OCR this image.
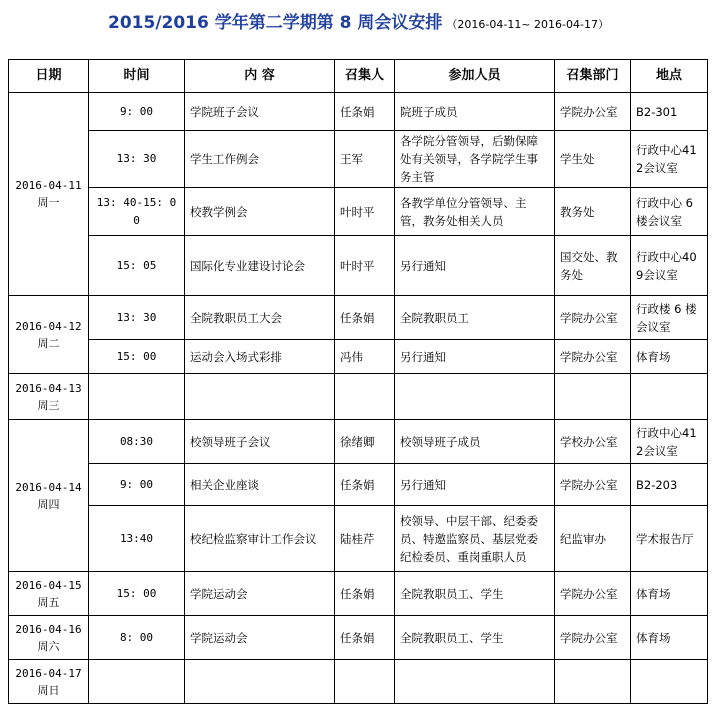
2015/2016 学年第二学期第 8 周会议安排 （2016-04-11~ 2016-04-17）
日期	时间	内 容	召集人	参加人员	召集部门	地点

2016-04-11
周一	9: 00	学院班子会议	任条娟	院班子成员	学院办公室	B2-301
	13: 30	学生工作例会	王军	各学院分管领导，后勤保障处有关领导，各学院学生事务主管	学生处	行政中心412会议室
	13: 40-15: 00	校教学例会	叶时平	各教学单位分管领导、主管，教务处相关人员	教务处	行政中心 6楼会议室
	15: 05	国际化专业建设讨论会	叶时平	另行通知	国交处、教务处	行政中心409会议室

2016-04-12
周二	13: 30	全院教职员工大会	任条娟	全院教职员工	学院办公室	行政楼 6 楼会议室
	15: 00	运动会入场式彩排	冯伟	另行通知	学院办公室	体育场

2016-04-13
周三						

2016-04-14
周四	08:30	校领导班子会议	徐绪卿	校领导班子成员	学校办公室	行政中心412会议室
	9: 00	相关企业座谈	任条娟	另行通知	学院办公室	B2-203
	13:40	校纪检监察审计工作会议	陆桂芹	校领导、中层干部、纪委委员、特邀监察员、基层党委纪检委员、重岗重职人员	纪监审办	学术报告厅

2016-04-15
周五	15: 00	学院运动会	任条娟	全院教职员工、学生	学院办公室	体育场

2016-04-16
周六	8: 00	学院运动会	任条娟	全院教职员工、学生	学院办公室	体育场

2016-04-17
周日						
